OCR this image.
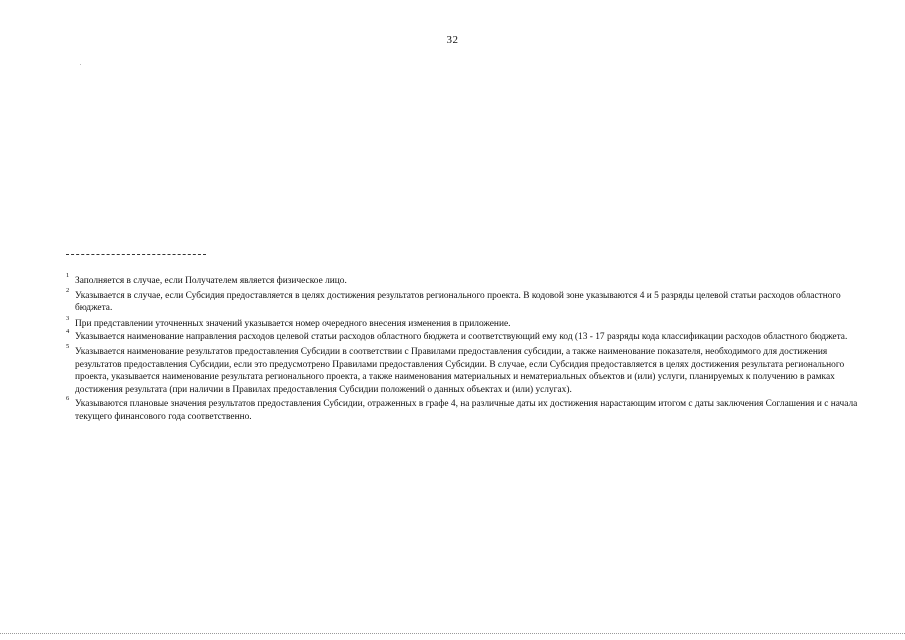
32
1
Заполняется в случае, если Получателем является физическое лицо.
2
Указывается в случае, если Субсидия предоставляется в целях достижения результатов регионального проекта. В кодовой зоне указываются 4 и 5 разряды целевой статьи расходов областного бюджета.
3
При представлении уточненных значений указывается номер очередного внесения изменения в приложение.
4
Указывается наименование направления расходов целевой статьи расходов областного бюджета и соответствующий ему код (13 - 17 разряды кода классификации расходов областного бюджета.
5
Указывается наименование результатов предоставления Субсидии в соответствии с Правилами предоставления субсидии, а также наименование показателя, необходимого для достижения результатов предоставления Субсидии, если это предусмотрено Правилами предоставления Субсидии. В случае, если Субсидия предоставляется в целях достижения результата регионального проекта, указывается наименование результата регионального проекта, а также наименования материальных и нематериальных объектов и (или) услуги, планируемых к получению в рамках достижения результата (при наличии в Правилах предоставления Субсидии положений о данных объектах и (или) услугах).
6
Указываются плановые значения результатов предоставления Субсидии, отраженных в графе 4, на различные даты их достижения нарастающим итогом с даты заключения Соглашения и с начала текущего финансового года соответственно.
